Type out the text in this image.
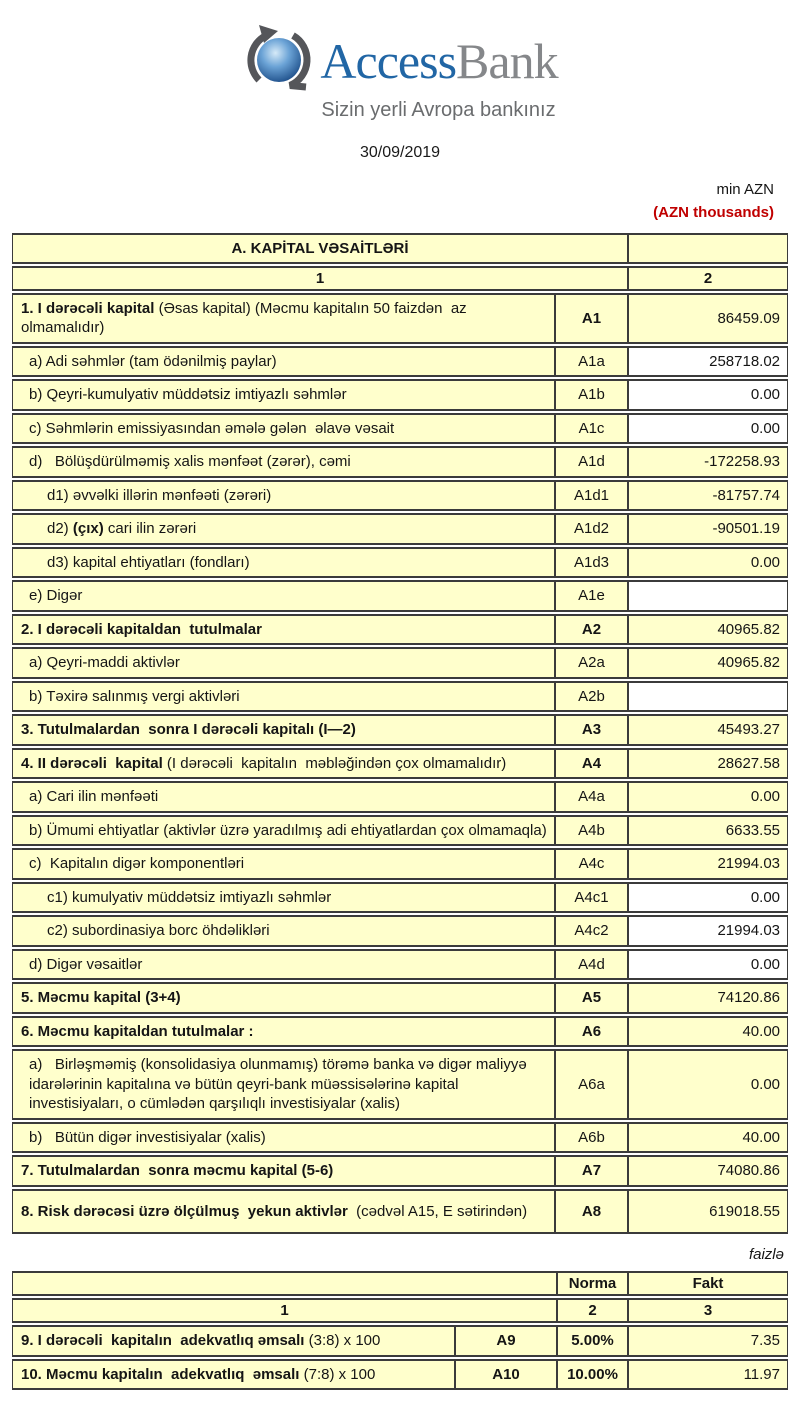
AccessBank
Sizin yerli Avropa bankınız
30/09/2019
min AZN
(AZN thousands)
A. KAPİTAL VƏSAİTLƏRİ		
1		2
1. I dərəcəli kapital (Əsas kapital) (Məcmu kapitalın 50 faizdən  az olmamalıdır)	A1	86459.09
a) Adi səhmlər (tam ödənilmiş paylar)	A1a	258718.02
b) Qeyri-kumulyativ müddətsiz imtiyazlı səhmlər	A1b	0.00
c) Səhmlərin emissiyasından əmələ gələn  əlavə vəsait	A1c	0.00
d)   Bölüşdürülməmiş xalis mənfəət (zərər), cəmi	A1d	-172258.93
d1) əvvəlki illərin mənfəəti (zərəri)	A1d1	-81757.74
d2) (çıx) cari ilin zərəri	A1d2	-90501.19
d3) kapital ehtiyatları (fondları)	A1d3	0.00
e) Digər	A1e	
2. I dərəcəli kapitaldan  tutulmalar	A2	40965.82
a) Qeyri-maddi aktivlər	A2a	40965.82
b) Təxirə salınmış vergi aktivləri	A2b	
3. Tutulmalardan  sonra I dərəcəli kapitalı (I—2)	A3	45493.27
4. II dərəcəli  kapital (I dərəcəli  kapitalın  məbləğindən çox olmamalıdır)	A4	28627.58
a) Cari ilin mənfəəti	A4a	0.00
b) Ümumi ehtiyatlar (aktivlər üzrə yaradılmış adi ehtiyatlardan çox olmamaqla)	A4b	6633.55
c)  Kapitalın digər komponentləri	A4c	21994.03
c1) kumulyativ müddətsiz imtiyazlı səhmlər	A4c1	0.00
c2) subordinasiya borc öhdəlikləri	A4c2	21994.03
d) Digər vəsaitlər	A4d	0.00
5. Məcmu kapital (3+4)	A5	74120.86
6. Məcmu kapitaldan tutulmalar :	A6	40.00
a)   Birləşməmiş (konsolidasiya olunmamış) törəmə banka və digər maliyyə idarələrinin kapitalına və bütün qeyri-bank müəssisələrinə kapital investisiyaları, o cümlədən qarşılıqlı investisiyalar (xalis)	A6a	0.00
b)   Bütün digər investisiyalar (xalis)	A6b	40.00
7. Tutulmalardan  sonra məcmu kapital (5-6)	A7	74080.86
8. Risk dərəcəsi üzrə ölçülmuş  yekun aktivlər  (cədvəl A15, E sətirindən)	A8	619018.55
faizlə
		Norma	Fakt
1		2	3
9. I dərəcəli  kapitalın  adekvatlıq əmsalı (3:8) x 100	A9	5.00%	7.35
10. Məcmu kapitalın  adekvatlıq  əmsalı (7:8) x 100	A10	10.00%	11.97
